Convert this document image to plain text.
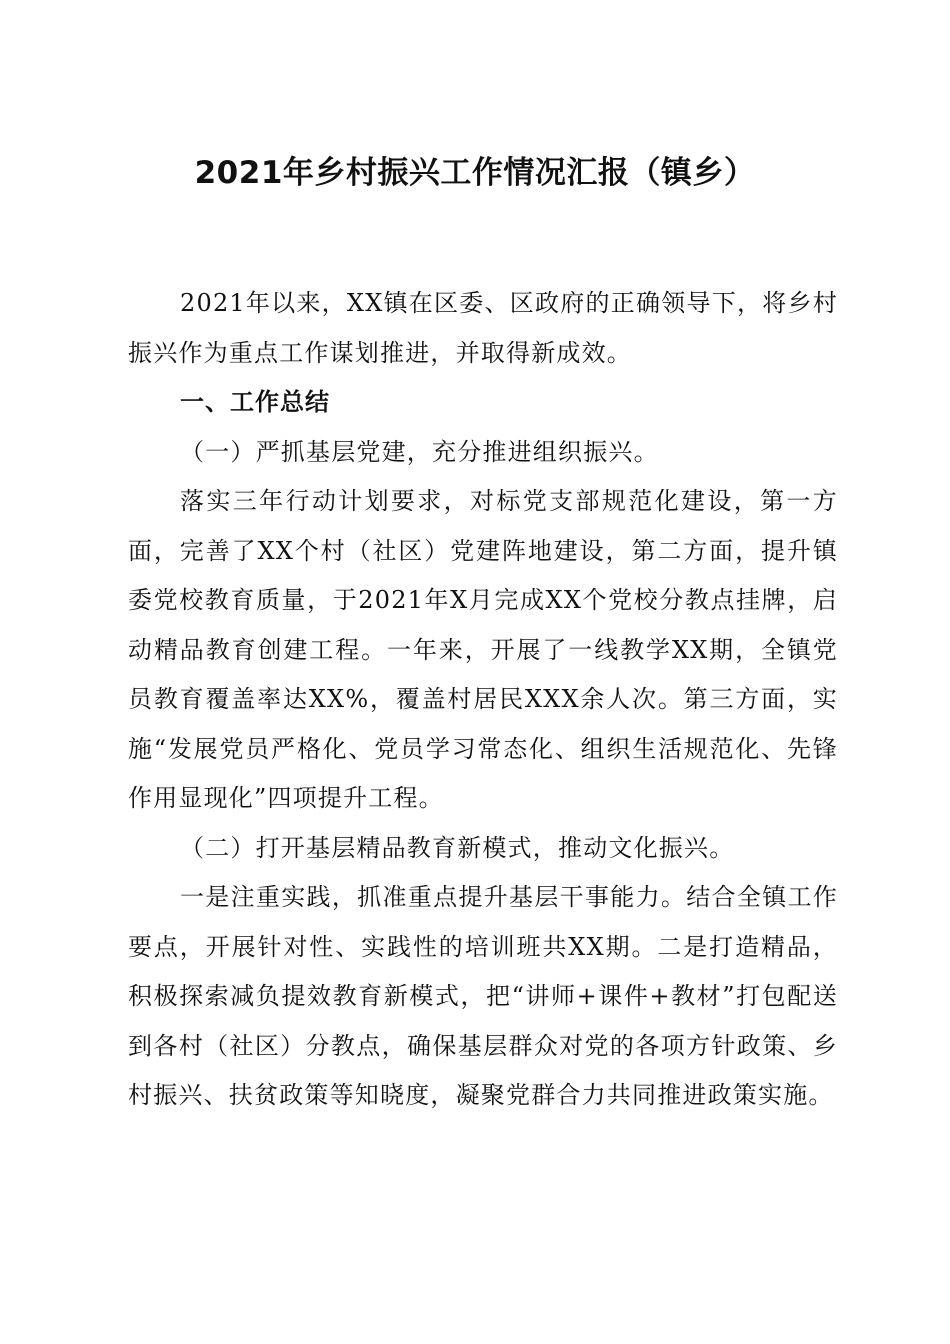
2021年乡村振兴工作情况汇报（镇乡）

2021年以来，XX镇在区委、区政府的正确领导下，将乡村振兴作为重点工作谋划推进，并取得新成效。

一、工作总结

（一）严抓基层党建，充分推进组织振兴。

落实三年行动计划要求，对标党支部规范化建设，第一方面，完善了XX个村（社区）党建阵地建设，第二方面，提升镇委党校教育质量，于2021年X月完成XX个党校分教点挂牌，启动精品教育创建工程。一年来，开展了一线教学XX期，全镇党员教育覆盖率达XX%，覆盖村居民XXX余人次。第三方面，实施“发展党员严格化、党员学习常态化、组织生活规范化、先锋作用显现化”四项提升工程。

（二）打开基层精品教育新模式，推动文化振兴。

一是注重实践，抓准重点提升基层干事能力。结合全镇工作要点，开展针对性、实践性的培训班共XX期。二是打造精品，积极探索减负提效教育新模式，把“讲师+课件+教材”打包配送到各村（社区）分教点，确保基层群众对党的各项方针政策、乡村振兴、扶贫政策等知晓度，凝聚党群合力共同推进政策实施。
